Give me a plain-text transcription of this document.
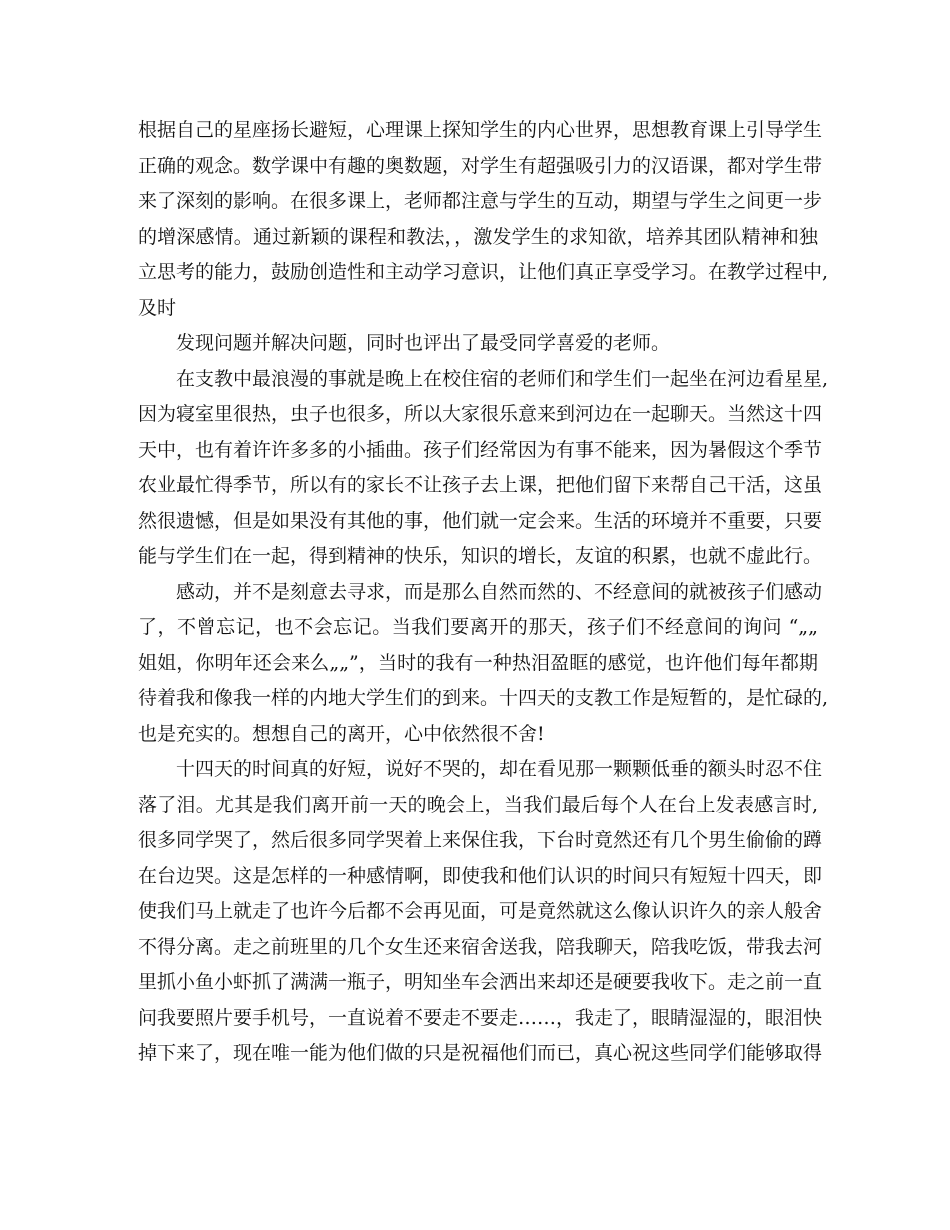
根据自己的星座扬长避短，心理课上探知学生的内心世界，思想教育课上引导学生
正确的观念。数学课中有趣的奥数题，对学生有超强吸引力的汉语课，都对学生带
来了深刻的影响。在很多课上，老师都注意与学生的互动，期望与学生之间更一步
的增深感情。通过新颖的课程和教法，，激发学生的求知欲，培养其团队精神和独
立思考的能力，鼓励创造性和主动学习意识，让他们真正享受学习。在教学过程中,
及时
发现问题并解决问题，同时也评出了最受同学喜爱的老师。
在支教中最浪漫的事就是晚上在校住宿的老师们和学生们一起坐在河边看星星,
因为寝室里很热，虫子也很多，所以大家很乐意来到河边在一起聊天。当然这十四
天中，也有着许许多多的小插曲。孩子们经常因为有事不能来，因为暑假这个季节
农业最忙得季节，所以有的家长不让孩子去上课，把他们留下来帮自己干活，这虽
然很遗憾，但是如果没有其他的事，他们就一定会来。生活的环境并不重要，只要
能与学生们在一起，得到精神的快乐，知识的增长，友谊的积累，也就不虚此行。
感动，并不是刻意去寻求，而是那么自然而然的、不经意间的就被孩子们感动
了，不曾忘记，也不会忘记。当我们要离开的那天，孩子们不经意间的询问 “„„
姐姐，你明年还会来么„„”，当时的我有一种热泪盈眶的感觉，也许他们每年都期
待着我和像我一样的内地大学生们的到来。十四天的支教工作是短暂的，是忙碌的,
也是充实的。想想自己的离开，心中依然很不舍!
十四天的时间真的好短，说好不哭的，却在看见那一颗颗低垂的额头时忍不住
落了泪。尤其是我们离开前一天的晚会上，当我们最后每个人在台上发表感言时,
很多同学哭了，然后很多同学哭着上来保住我，下台时竟然还有几个男生偷偷的蹲
在台边哭。这是怎样的一种感情啊，即使我和他们认识的时间只有短短十四天，即
使我们马上就走了也许今后都不会再见面，可是竟然就这么像认识许久的亲人般舍
不得分离。走之前班里的几个女生还来宿舍送我，陪我聊天，陪我吃饭，带我去河
里抓小鱼小虾抓了满满一瓶子，明知坐车会洒出来却还是硬要我收下。走之前一直
问我要照片要手机号，一直说着不要走不要走……，我走了，眼睛湿湿的，眼泪快
掉下来了，现在唯一能为他们做的只是祝福他们而已，真心祝这些同学们能够取得
